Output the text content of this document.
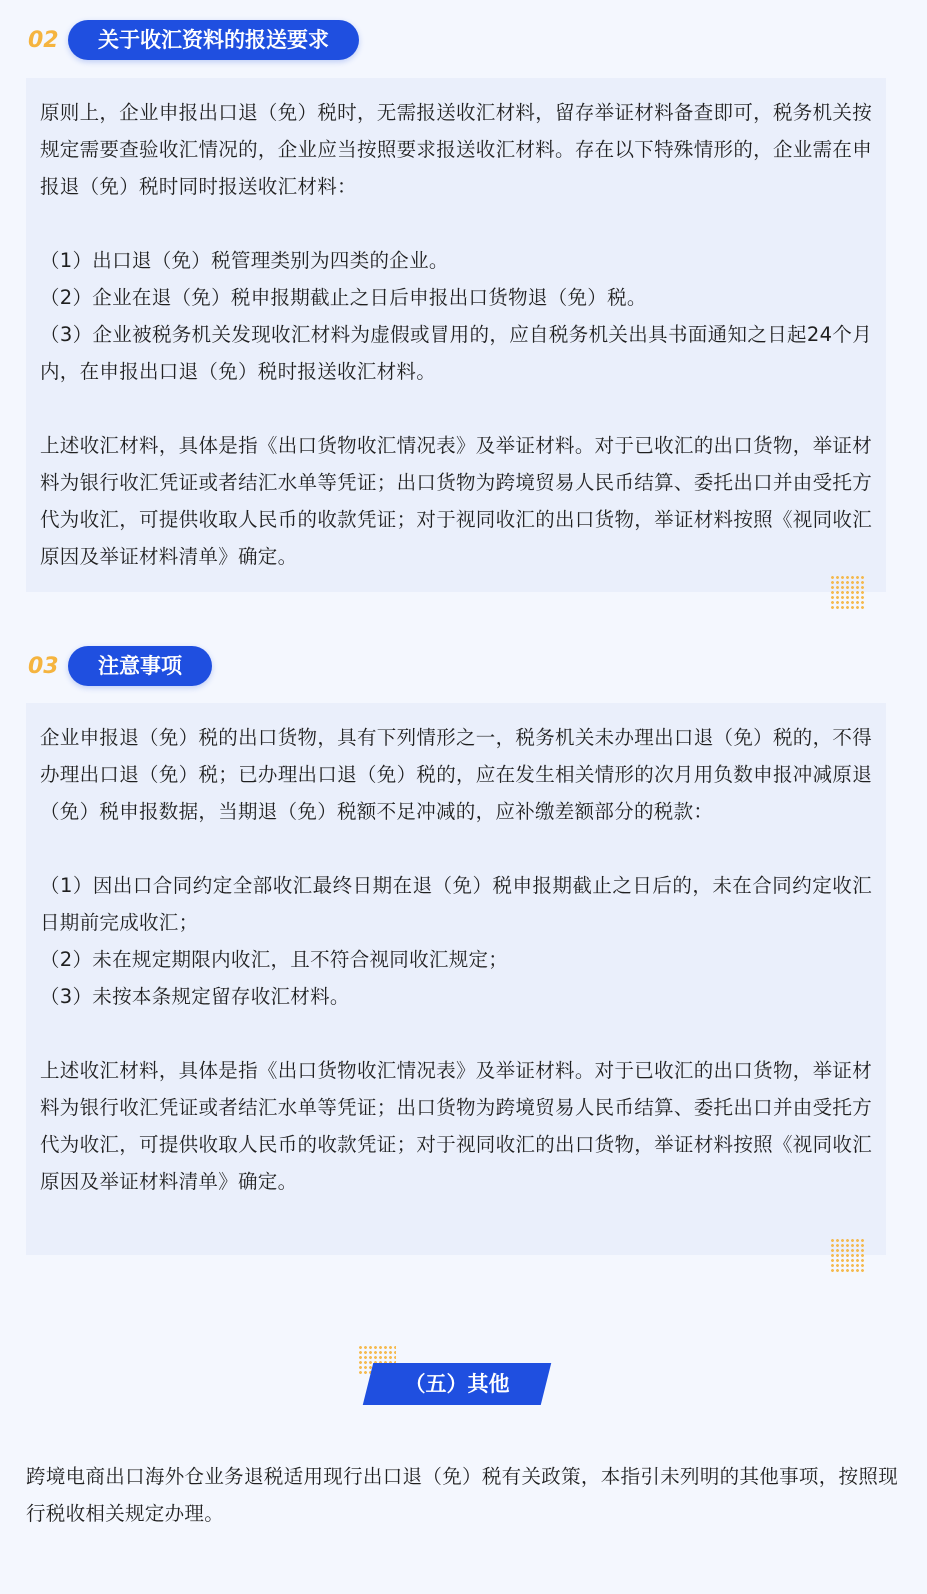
02	关于收汇资料的报送要求

原则上，企业申报出口退（免）税时，无需报送收汇材料，留存举证材料备查即可，税务机关按规定需要查验收汇情况的，企业应当按照要求报送收汇材料。存在以下特殊情形的，企业需在申报退（免）税时同时报送收汇材料：

（1）出口退（免）税管理类别为四类的企业。

（2）企业在退（免）税申报期截止之日后申报出口货物退（免）税。

（3）企业被税务机关发现收汇材料为虚假或冒用的，应自税务机关出具书面通知之日起24个月内，在申报出口退（免）税时报送收汇材料。

上述收汇材料，具体是指《出口货物收汇情况表》及举证材料。对于已收汇的出口货物，举证材料为银行收汇凭证或者结汇水单等凭证；出口货物为跨境贸易人民币结算、委托出口并由受托方代为收汇，可提供收取人民币的收款凭证；对于视同收汇的出口货物，举证材料按照《视同收汇原因及举证材料清单》确定。

03	注意事项

企业申报退（免）税的出口货物，具有下列情形之一，税务机关未办理出口退（免）税的，不得办理出口退（免）税；已办理出口退（免）税的，应在发生相关情形的次月用负数申报冲减原退（免）税申报数据，当期退（免）税额不足冲减的，应补缴差额部分的税款：

（1）因出口合同约定全部收汇最终日期在退（免）税申报期截止之日后的，未在合同约定收汇日期前完成收汇；

（2）未在规定期限内收汇，且不符合视同收汇规定；

（3）未按本条规定留存收汇材料。

上述收汇材料，具体是指《出口货物收汇情况表》及举证材料。对于已收汇的出口货物，举证材料为银行收汇凭证或者结汇水单等凭证；出口货物为跨境贸易人民币结算、委托出口并由受托方代为收汇，可提供收取人民币的收款凭证；对于视同收汇的出口货物，举证材料按照《视同收汇原因及举证材料清单》确定。

（五）其他

跨境电商出口海外仓业务退税适用现行出口退（免）税有关政策，本指引未列明的其他事项，按照现行税收相关规定办理。
